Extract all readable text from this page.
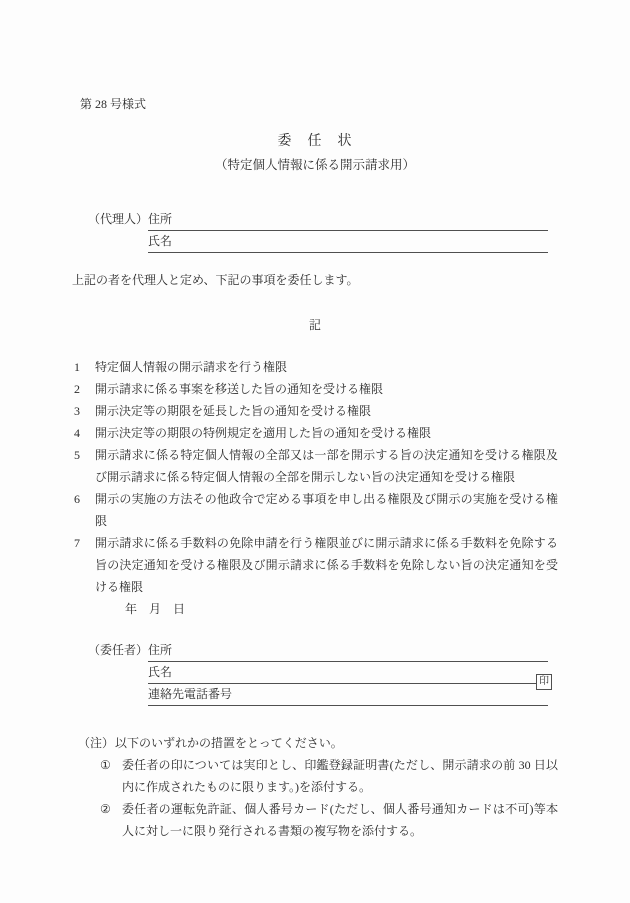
第 28 号様式
委　任　状
（特定個人情報に係る開示請求用）
（代理人） 住所
氏名
上記の者を代理人と定め、下記の事項を委任します。
記
1 特定個人情報の開示請求を行う権限
2 開示請求に係る事案を移送した旨の通知を受ける権限
3 開示決定等の期限を延長した旨の通知を受ける権限
4 開示決定等の期限の特例規定を適用した旨の通知を受ける権限
5 開示請求に係る特定個人情報の全部又は一部を開示する旨の決定通知を受ける権限及び開示請求に係る特定個人情報の全部を開示しない旨の決定通知を受ける権限
6 開示の実施の方法その他政令で定める事項を申し出る権限及び開示の実施を受ける権限
7 開示請求に係る手数料の免除申請を行う権限並びに開示請求に係る手数料を免除する旨の決定通知を受ける権限及び開示請求に係る手数料を免除しない旨の決定通知を受ける権限
年　月　日
（委任者） 住所
氏名
印
連絡先電話番号
（注） 以下のいずれかの措置をとってください。
① 委任者の印については実印とし、印鑑登録証明書(ただし、開示請求の前 30 日以内に作成されたものに限ります。)を添付する。
② 委任者の運転免許証、個人番号カード(ただし、個人番号通知カードは不可)等本人に対し一に限り発行される書類の複写物を添付する。
